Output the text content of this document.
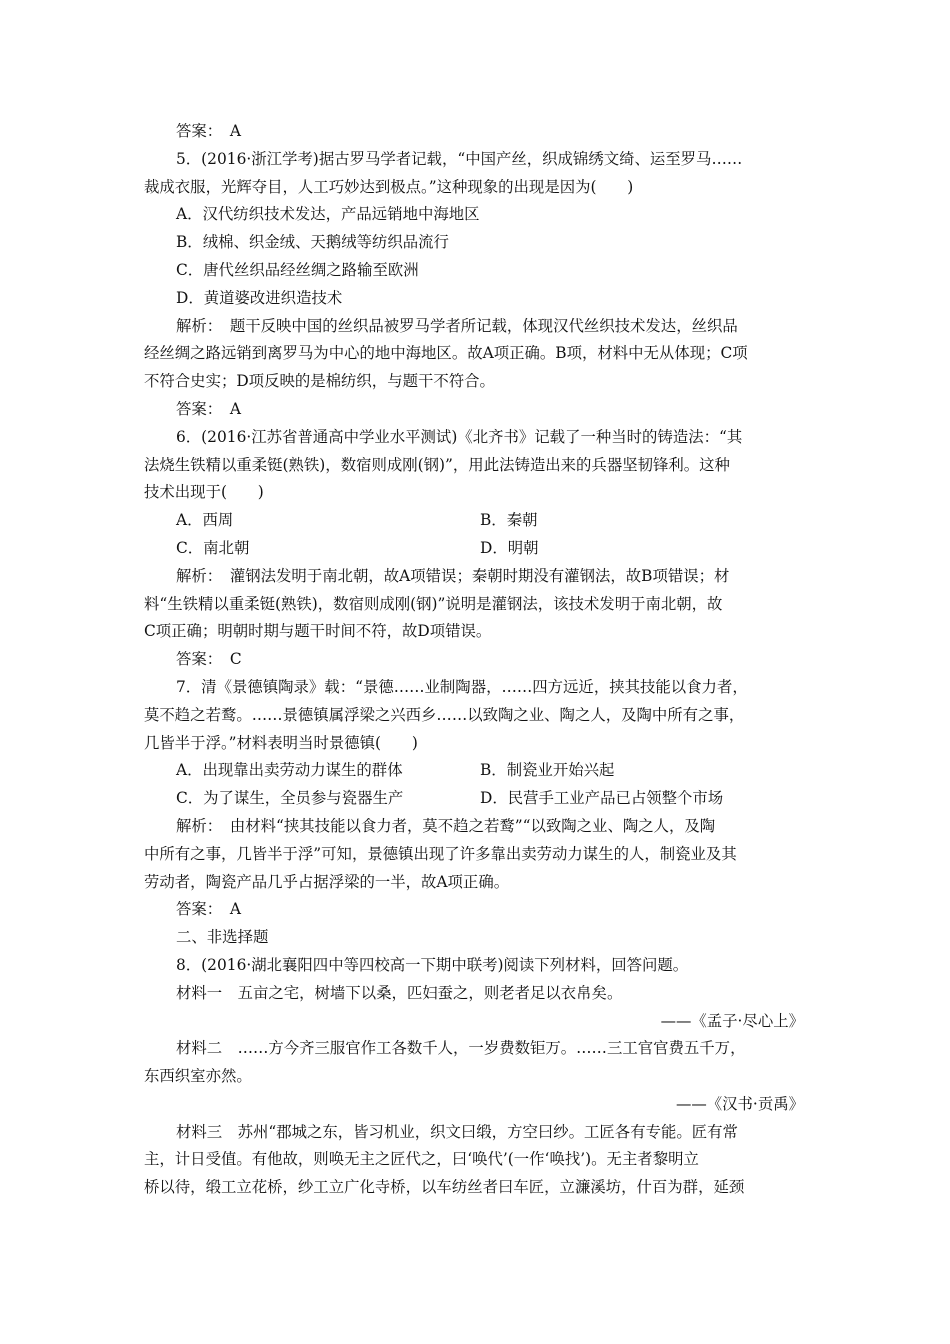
答案：　A

5．(2016·浙江学考)据古罗马学者记载，“中国产丝，织成锦绣文绮、运至罗马……

裁成衣服，光辉夺目，人工巧妙达到极点。”这种现象的出现是因为(　　)

A．汉代纺织技术发达，产品远销地中海地区

B．绒棉、织金绒、天鹅绒等纺织品流行

C．唐代丝织品经丝绸之路输至欧洲

D．黄道婆改进织造技术

解析：　题干反映中国的丝织品被罗马学者所记载，体现汉代丝织技术发达，丝织品

经丝绸之路远销到离罗马为中心的地中海地区。故A项正确。B项，材料中无从体现；C项

不符合史实；D项反映的是棉纺织，与题干不符合。

答案：　A

6．(2016·江苏省普通高中学业水平测试)《北齐书》记载了一种当时的铸造法：“其

法烧生铁精以重柔铤(熟铁)，数宿则成刚(钢)”，用此法铸造出来的兵器坚韧锋利。这种

技术出现于(　　)

A．西周	B．秦朝
C．南北朝	D．明朝

解析：　灌钢法发明于南北朝，故A项错误；秦朝时期没有灌钢法，故B项错误；材

料“生铁精以重柔铤(熟铁)，数宿则成刚(钢)”说明是灌钢法，该技术发明于南北朝，故

C项正确；明朝时期与题干时间不符，故D项错误。

答案：　C

7．清《景德镇陶录》载：“景德……业制陶器，……四方远近，挟其技能以食力者，

莫不趋之若鹜。……景德镇属浮梁之兴西乡……以致陶之业、陶之人，及陶中所有之事，

几皆半于浮。”材料表明当时景德镇(　　)

A．出现靠出卖劳动力谋生的群体	B．制瓷业开始兴起
C．为了谋生，全员参与瓷器生产	D．民营手工业产品已占领整个市场

解析：　由材料“挟其技能以食力者，莫不趋之若鹜”“以致陶之业、陶之人，及陶

中所有之事，几皆半于浮”可知，景德镇出现了许多靠出卖劳动力谋生的人，制瓷业及其

劳动者，陶瓷产品几乎占据浮梁的一半，故A项正确。

答案：　A

二、非选择题

8．(2016·湖北襄阳四中等四校高一下期中联考)阅读下列材料，回答问题。

材料一　五亩之宅，树墙下以桑，匹妇蚕之，则老者足以衣帛矣。

——《孟子·尽心上》

材料二　……方今齐三服官作工各数千人，一岁费数钜万。……三工官官费五千万，

东西织室亦然。

——《汉书·贡禹》

材料三　苏州“郡城之东，皆习机业，织文曰缎，方空曰纱。工匠各有专能。匠有常

主，计日受值。有他故，则唤无主之匠代之，曰‘唤代’(一作‘唤找’)。无主者黎明立

桥以待，缎工立花桥，纱工立广化寺桥，以车纺丝者曰车匠，立濂溪坊，什百为群，延颈
